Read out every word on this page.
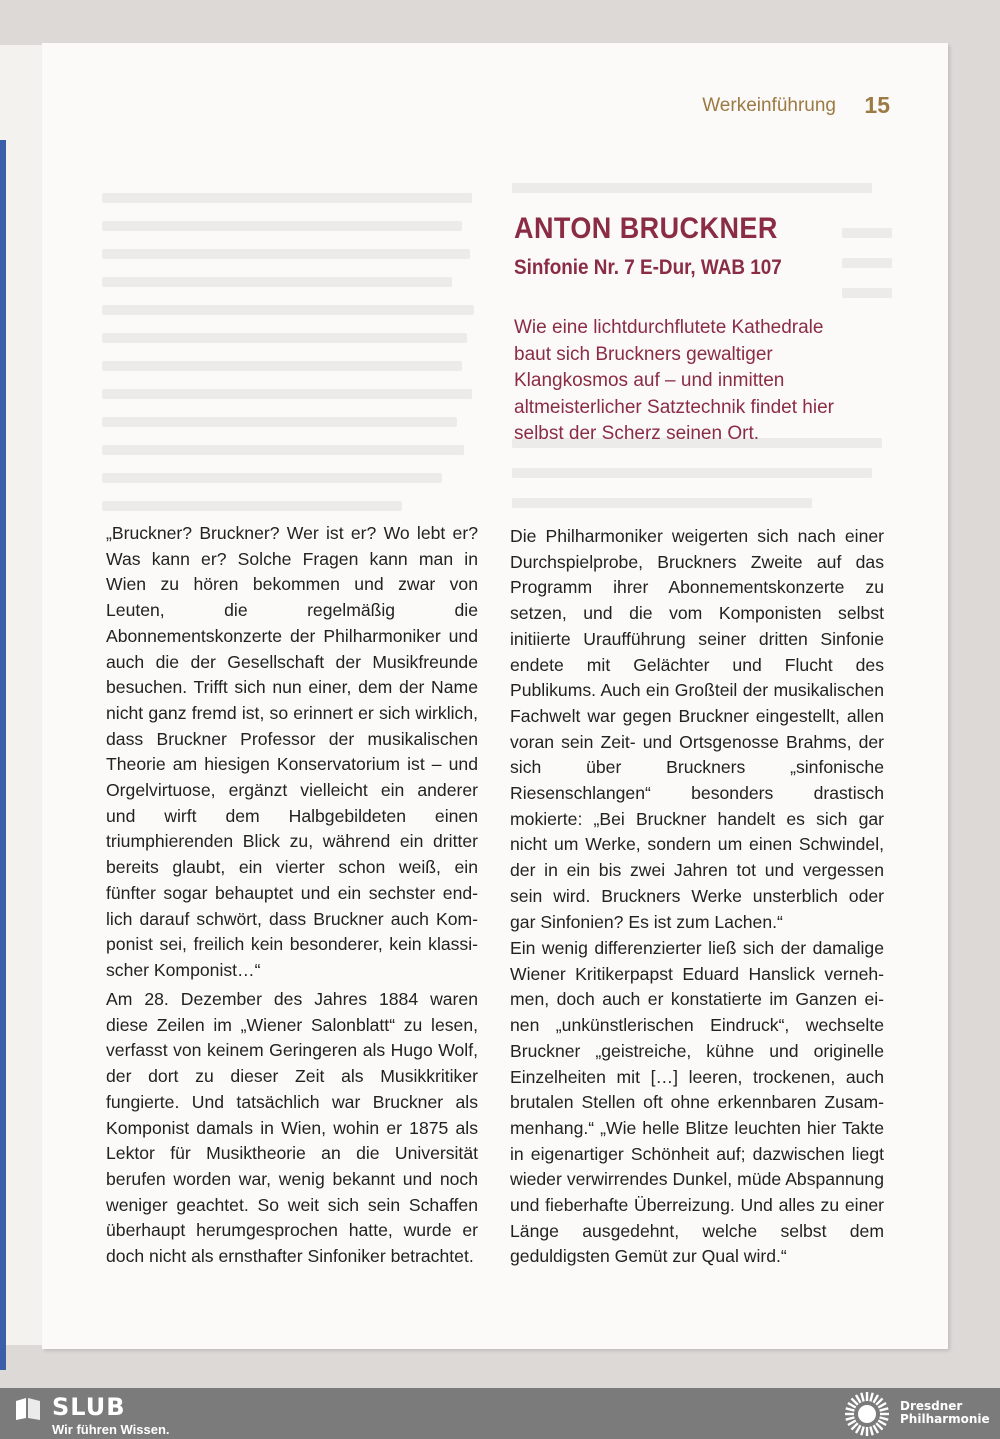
Werkeinführung 15
ANTON BRUCKNER
Sinfonie Nr. 7 E-Dur, WAB 107

Wie eine lichtdurchflutete Kathedrale baut sich Bruckners gewaltiger Klangkosmos auf – und inmitten altmeisterlicher Satztechnik findet hier selbst der Scherz seinen Ort.

„Bruckner? Bruckner? Wer ist er? Wo lebt er? Was kann er? Solche Fragen kann man in Wien zu hören bekommen und zwar von Leuten, die regelmäßig die Abonnementskonzerte der Philharmoniker und auch die der Gesellschaft der Musikfreunde besuchen. Trifft sich nun einer, dem der Name nicht ganz fremd ist, so erinnert er sich wirklich, dass Bruckner Professor der musikalischen Theorie am hiesigen Konservatorium ist – und Orgelvirtuose, ergänzt vielleicht ein anderer und wirft dem Halbgebildeten einen triumphierenden Blick zu, während ein dritter bereits glaubt, ein vierter schon weiß, ein fünfter sogar behauptet und ein sechster endlich darauf schwört, dass Bruckner auch Komponist sei, freilich kein besonderer, kein klassischer Komponist…“

Am 28. Dezember des Jahres 1884 waren diese Zeilen im „Wiener Salonblatt“ zu lesen, verfasst von keinem Geringeren als Hugo Wolf, der dort zu dieser Zeit als Musikkritiker fungierte. Und tatsächlich war Bruckner als Komponist damals in Wien, wohin er 1875 als Lektor für Musiktheorie an die Universität berufen worden war, wenig bekannt und noch weniger geachtet. So weit sich sein Schaffen überhaupt herumgesprochen hatte, wurde er doch nicht als ernsthafter Sinfoniker betrachtet.

Die Philharmoniker weigerten sich nach einer Durchspielprobe, Bruckners Zweite auf das Programm ihrer Abonnementskonzerte zu setzen, und die vom Komponisten selbst initiierte Uraufführung seiner dritten Sinfonie endete mit Gelächter und Flucht des Publikums. Auch ein Großteil der musikalischen Fachwelt war gegen Bruckner eingestellt, allen voran sein Zeit- und Ortsgenosse Brahms, der sich über Bruckners „sinfonische Riesenschlangen“ besonders drastisch mokierte: „Bei Bruckner handelt es sich gar nicht um Werke, sondern um einen Schwindel, der in ein bis zwei Jahren tot und vergessen sein wird. Bruckners Werke unsterblich oder gar Sinfonien? Es ist zum Lachen.“

Ein wenig differenzierter ließ sich der damalige Wiener Kritikerpapst Eduard Hanslick vernehmen, doch auch er konstatierte im Ganzen einen „unkünstlerischen Eindruck“, wechselte Bruckner „geistreiche, kühne und originelle Einzelheiten mit […] leeren, trockenen, auch brutalen Stellen oft ohne erkennbaren Zusammenhang.“ „Wie helle Blitze leuchten hier Takte in eigenartiger Schönheit auf; dazwischen liegt wieder verwirrendes Dunkel, müde Abspannung und fieberhafte Überreizung. Und alles zu einer Länge ausgedehnt, welche selbst dem geduldigsten Gemüt zur Qual wird.“

SLUB
Wir führen Wissen.
Dresdner
Philharmonie
